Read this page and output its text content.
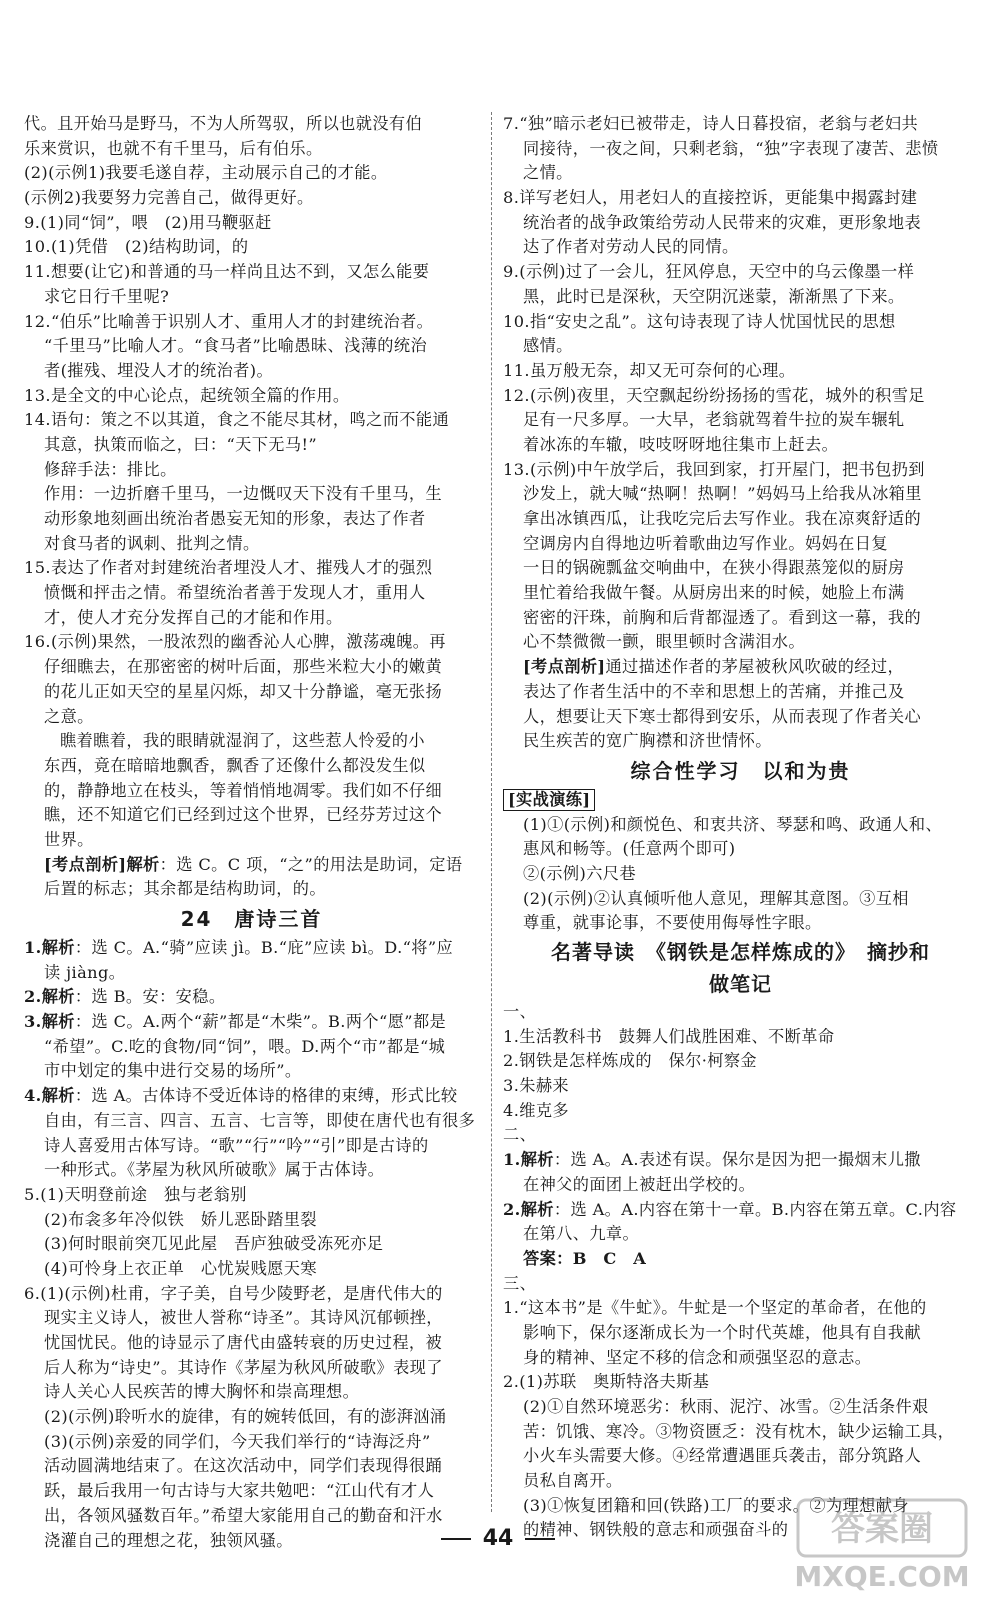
代。且开始马是野马，不为人所驾驭，所以也就没有伯
乐来赏识，也就不有千里马，后有伯乐。
(2)(示例1)我要毛遂自荐，主动展示自己的才能。
(示例2)我要努力完善自己，做得更好。
9.(1)同“饲”，喂　(2)用马鞭驱赶
10.(1)凭借　(2)结构助词，的
11.想要(让它)和普通的马一样尚且达不到，又怎么能要
求它日行千里呢?
12.“伯乐”比喻善于识别人才、重用人才的封建统治者。
“千里马”比喻人才。“食马者”比喻愚昧、浅薄的统治
者(摧残、埋没人才的统治者)。
13.是全文的中心论点，起统领全篇的作用。
14.语句：策之不以其道，食之不能尽其材，鸣之而不能通
其意，执策而临之，曰：“天下无马!”
修辞手法：排比。
作用：一边折磨千里马，一边慨叹天下没有千里马，生
动形象地刻画出统治者愚妄无知的形象，表达了作者
对食马者的讽刺、批判之情。
15.表达了作者对封建统治者埋没人才、摧残人才的强烈
愤慨和抨击之情。希望统治者善于发现人才，重用人
才，使人才充分发挥自己的才能和作用。
16.(示例)果然，一股浓烈的幽香沁人心脾，激荡魂魄。再
仔细瞧去，在那密密的树叶后面，那些米粒大小的嫩黄
的花儿正如天空的星星闪烁，却又十分静谧，毫无张扬
之意。
瞧着瞧着，我的眼睛就湿润了，这些惹人怜爱的小
东西，竟在暗暗地飘香，飘香了还像什么都没发生似
的，静静地立在枝头，等着悄悄地凋零。我们如不仔细
瞧，还不知道它们已经到过这个世界，已经芬芳过这个
世界。
[考点剖析]解析：选 C。C 项，“之”的用法是助词，定语
后置的标志；其余都是结构助词，的。
24　唐诗三首
1.解析：选 C。A.“骑”应读 jì。B.“庇”应读 bì。D.“将”应
读 jiàng。
2.解析：选 B。安：安稳。
3.解析：选 C。A.两个“薪”都是“木柴”。B.两个“愿”都是
“希望”。C.吃的食物/同“饲”，喂。D.两个“市”都是“城
市中划定的集中进行交易的场所”。
4.解析：选 A。古体诗不受近体诗的格律的束缚，形式比较
自由，有三言、四言、五言、七言等，即使在唐代也有很多
诗人喜爱用古体写诗。“歌”“行”“吟”“引”即是古诗的
一种形式。《茅屋为秋风所破歌》属于古体诗。
5.(1)天明登前途　独与老翁别
(2)布衾多年冷似铁　娇儿恶卧踏里裂
(3)何时眼前突兀见此屋　吾庐独破受冻死亦足
(4)可怜身上衣正单　心忧炭贱愿天寒
6.(1)(示例)杜甫，字子美，自号少陵野老，是唐代伟大的
现实主义诗人，被世人誉称“诗圣”。其诗风沉郁顿挫，
忧国忧民。他的诗显示了唐代由盛转衰的历史过程，被
后人称为“诗史”。其诗作《茅屋为秋风所破歌》表现了
诗人关心人民疾苦的博大胸怀和崇高理想。
(2)(示例)聆听水的旋律，有的婉转低回，有的澎湃汹涌
(3)(示例)亲爱的同学们，今天我们举行的“诗海泛舟”
活动圆满地结束了。在这次活动中，同学们表现得很踊
跃，最后我用一句古诗与大家共勉吧：“江山代有才人
出，各领风骚数百年。”希望大家能用自己的勤奋和汗水
浇灌自己的理想之花，独领风骚。
7.“独”暗示老妇已被带走，诗人日暮投宿，老翁与老妇共
同接待，一夜之间，只剩老翁，“独”字表现了凄苦、悲愤
之情。
8.详写老妇人，用老妇人的直接控诉，更能集中揭露封建
统治者的战争政策给劳动人民带来的灾难，更形象地表
达了作者对劳动人民的同情。
9.(示例)过了一会儿，狂风停息，天空中的乌云像墨一样
黑，此时已是深秋，天空阴沉迷蒙，渐渐黑了下来。
10.指“安史之乱”。这句诗表现了诗人忧国忧民的思想
感情。
11.虽万般无奈，却又无可奈何的心理。
12.(示例)夜里，天空飘起纷纷扬扬的雪花，城外的积雪足
足有一尺多厚。一大早，老翁就驾着牛拉的炭车辗轧
着冰冻的车辙，吱吱呀呀地往集市上赶去。
13.(示例)中午放学后，我回到家，打开屋门，把书包扔到
沙发上，就大喊“热啊！热啊！”妈妈马上给我从冰箱里
拿出冰镇西瓜，让我吃完后去写作业。我在凉爽舒适的
空调房内自得地边听着歌曲边写作业。妈妈在日复
一日的锅碗瓢盆交响曲中，在狭小得跟蒸笼似的厨房
里忙着给我做午餐。从厨房出来的时候，她脸上布满
密密的汗珠，前胸和后背都湿透了。看到这一幕，我的
心不禁微微一颤，眼里顿时含满泪水。
[考点剖析]通过描述作者的茅屋被秋风吹破的经过，
表达了作者生活中的不幸和思想上的苦痛，并推己及
人，想要让天下寒士都得到安乐，从而表现了作者关心
民生疾苦的宽广胸襟和济世情怀。
综合性学习　以和为贵
[实战演练]
(1)①(示例)和颜悦色、和衷共济、琴瑟和鸣、政通人和、
惠风和畅等。(任意两个即可)
②(示例)六尺巷
(2)(示例)②认真倾听他人意见，理解其意图。③互相
尊重，就事论事，不要使用侮辱性字眼。
名著导读　《钢铁是怎样炼成的》　摘抄和
做笔记
一、
1.生活教科书　鼓舞人们战胜困难、不断革命
2.钢铁是怎样炼成的　保尔·柯察金
3.朱赫来
4.维克多
二、
1.解析：选 A。A.表述有误。保尔是因为把一撮烟末儿撒
在神父的面团上被赶出学校的。
2.解析：选 A。A.内容在第十一章。B.内容在第五章。C.内容
在第八、九章。
答案：B　C　A
三、
1.“这本书”是《牛虻》。牛虻是一个坚定的革命者，在他的
影响下，保尔逐渐成长为一个时代英雄，他具有自我献
身的精神、坚定不移的信念和顽强坚忍的意志。
2.(1)苏联　奥斯特洛夫斯基
(2)①自然环境恶劣：秋雨、泥泞、冰雪。②生活条件艰
苦：饥饿、寒冷。③物资匮乏：没有枕木，缺少运输工具，
小火车头需要大修。④经常遭遇匪兵袭击，部分筑路人
员私自离开。
(3)①恢复团籍和回(铁路)工厂的要求。②为理想献身
的精神、钢铁般的意志和顽强奋斗的
44	答案圈
MXQE.COM
